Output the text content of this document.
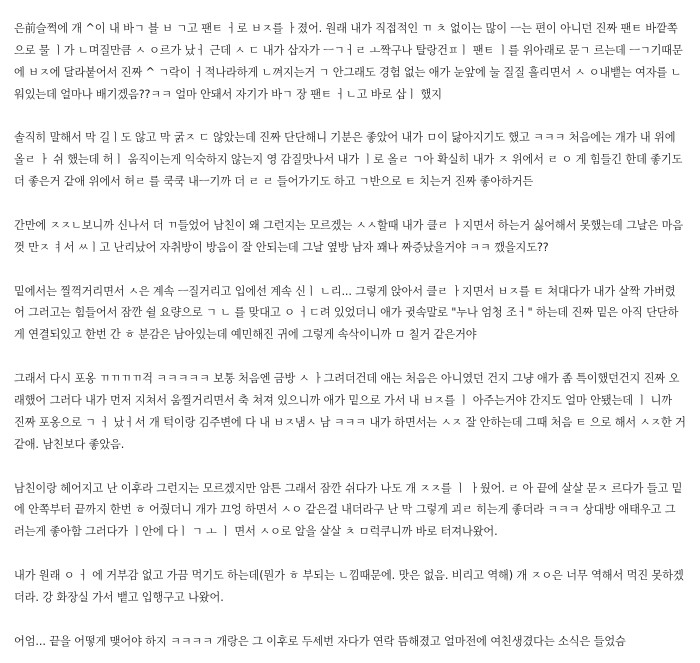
은前슬쩍에 개 ^이 내 바ㄱ 블 ㅂ ㄱ고 팬ㅌ ㅓ로 ㅂㅈ를 ㅏ졌어. 원래 내가 직접적인 ㄲ ㅊ 없이는 많이 ㅡ는 편이 아니던 진짜 팬ㅌ 바깥쪽으로 물 ㅣ가 ㄴ며질만큼 ㅅ ㅇ르가 났ㅓ 근데 ㅅ ㄷ 내가 삽자가 ㅡㄱㅓㄹ ㅗ짝구나 탈랑건ㅍㅣ 팬ㅌ ㅣ를 위아래로 문ㄱ 르는데 ㅡㄱ기때문에 ㅂㅈ에 달라붙어서 진짜 ^ ㄱ락이 ㅓ적나라하게 ㄴ껴지는거 ㄱ 안그래도 경험 없는 애가 눈앞에 눌 질질 흘리면서 ㅅ ㅇ내뱉는 여자를 ㄴ워있는데 얼마나 배기겠음??ㅋㅋ 얼마 안돼서 자기가 바ㄱ 장 팬ㅌ ㅓㄴ고 바로 삽ㅣ 했지

솔직히 말해서 막 길ㅣ도 않고 막 굵ㅈ ㄷ 않았는데 진짜 단단해니 기분은 좋았어 내가 ㅁ이 닳아지기도 했고 ㅋㅋㅋ 처음에는 개가 내 위에 올ㄹ ㅏ 쉬 했는데 허ㅣ 움직이는게 익숙하지 않는지 영 감질맛나서 내가 ㅣ로 올ㄹ ㄱ아 확실히 내가 ㅈ 위에서 ㄹ ㅇ 게 힘들긴 한데 좋기도 더 좋은거 같애 위에서 허ㄹ 를 쿡쿡 내ㅡ기까 더 ㄹ ㄹ 들어가기도 하고 ㄱ반으로 ㅌ 치는거 진짜 좋아하거든

간만에 ㅈㅈㄴ보니까 신나서 더 ㄲ들었어 남친이 왜 그런지는 모르겠는 ㅅㅅ할때 내가 클ㄹ ㅏ지면서 하는거 싫어해서 못했는데 그날은 마음껏 만ㅈ ㅕ서 ㅆㅣ고 난리났어 자취방이 방음이 잘 안되는데 그날 옆방 남자 꽤나 짜증났을거야 ㅋㅋ 깼을지도??

밑에서는 찔꺽거리면서 ㅅ은 계속 ㅡ질거리고 입에선 계속 신ㅣ ㄴ리... 그렇게 앉아서 클ㄹ ㅏ지면서 ㅂㅈ를 ㅌ 쳐대다가 내가 살짝 가버렸어 그러고는 힘들어서 잠깐 쉴 요량으로 ㄱ ㄴ 를 맞대고 ㅇ ㅓㄷ려 있었더니 애가 귓속말로 "누나 엄청 조ㅓ" 하는데 진짜 밑은 아직 단단하게 연결되있고 한번 간 ㅎ 분감은 남아있는데 예민해진 귀에 그렇게 속삭이니까 ㅁ 칠거 같은거야

그래서 다시 포옹 ㄲㄲㄲㄲ걱 ㅋㅋㅋㅋㅋ 보통 처음엔 금방 ㅅ ㅏ그려더건데 애는 처음은 아니였던 건지 그냥 애가 좀 특이했던건지 진짜 오래했어 그러다 내가 먼저 지쳐서 움찔거리면서 축 쳐져 있으니까 애가 밑으로 가서 내 ㅂㅈ를 ㅣ 아주는거야 간지도 얼마 안됐는데 ㅣ 니까 진짜 포옹으로 ㄱ ㅓ 났ㅓ서 개 턱이랑 김주변에 다 내 ㅂㅈ냄ㅅ 남 ㅋㅋㅋ 내가 하면서는 ㅅㅈ 잘 안하는데 그때 처음 ㅌ 으로 해서 ㅅㅈ한 거 같애. 남친보다 좋았음.

남친이랑 헤어지고 난 이후라 그런지는 모르겠지만 암튼 그래서 잠깐 쉬다가 나도 개 ㅈㅈ를 ㅣ ㅏ웠어. ㄹ 아 끝에 살살 문ㅈ 르다가 들고 밑에 안쪽부터 끝까지 한번 ㅎ 어줬더니 개가 끄엉 하면서 ㅅㅇ 같은걸 내더라구 난 막 그렇게 괴ㄹ 히는게 좋더라 ㅋㅋㅋ 상대방 애태우고 그러는게 좋아함 그러다가 ㅣ안에 다ㅣ ㄱ ㅗ ㅣ 면서 ㅅㅇ로 알을 살살 ㅊ ㅁ럭쿠니까 바로 터져나왔어.

내가 원래 ㅇ ㅓ 에 거부감 없고 가끔 먹기도 하는데(뭔가 ㅎ 부되는 ㄴ낌때문에. 맛은 없음. 비리고 역해) 개 ㅈㅇ은 너무 역해서 먹진 못하겠더라. 강 화장실 가서 뱉고 입행구고 나왔어.

어엄... 끝을 어떻게 맺어야 하지 ㅋㅋㅋㅋ 개랑은 그 이후로 두세번 자다가 연락 뜸해졌고 얼마전에 여친생겼다는 소식은 들었슴
